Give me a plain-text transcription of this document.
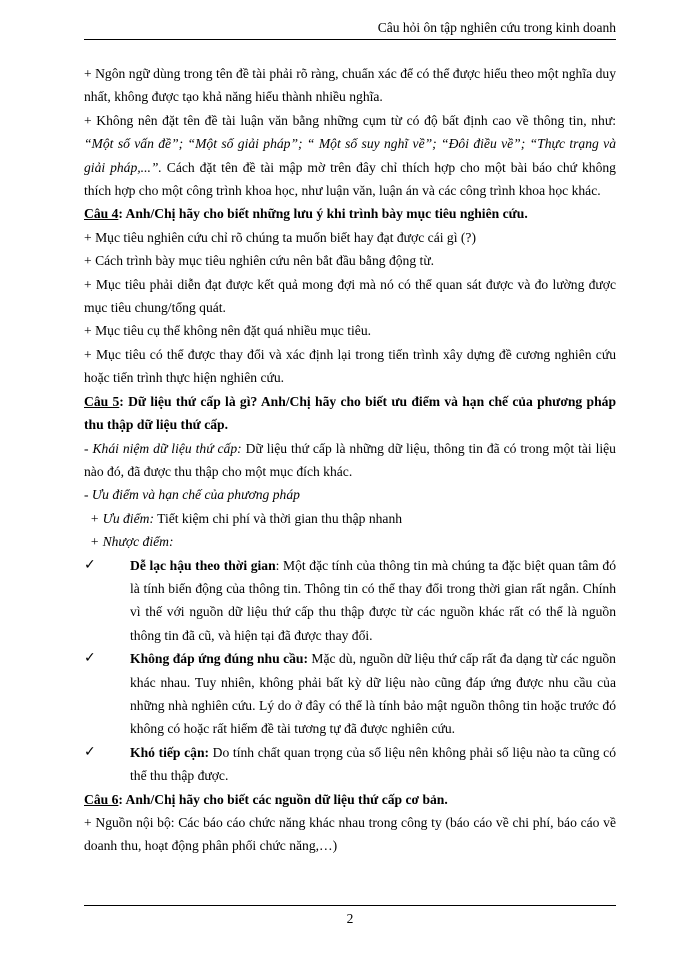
Câu hỏi ôn tập nghiên cứu trong kinh doanh

+ Ngôn ngữ dùng trong tên đề tài phải rõ ràng, chuẩn xác để có thể được hiểu theo một nghĩa duy nhất, không được tạo khả năng hiểu thành nhiều nghĩa.

+ Không nên đặt tên đề tài luận văn bằng những cụm từ có độ bất định cao về thông tin, như: “Một số vấn đề”; “Một số giải pháp”; “ Một số suy nghĩ về”; “Đôi điều về”; “Thực trạng và giải pháp,...”. Cách đặt tên đề tài mập mờ trên đây chỉ thích hợp cho một bài báo chứ không thích hợp cho một công trình khoa học, như luận văn, luận án và các công trình khoa học khác.

Câu 4: Anh/Chị hãy cho biết những lưu ý khi trình bày mục tiêu nghiên cứu.

+ Mục tiêu nghiên cứu chỉ rõ chúng ta muốn biết hay đạt được cái gì (?)

+ Cách trình bày mục tiêu nghiên cứu nên bắt đầu bằng động từ.

+ Mục tiêu phải diễn đạt được kết quả mong đợi mà nó có thể quan sát được và đo lường được mục tiêu chung/tổng quát.

+ Mục tiêu cụ thể không nên đặt quá nhiều mục tiêu.

+ Mục tiêu có thể được thay đổi và xác định lại trong tiến trình xây dựng đề cương nghiên cứu hoặc tiến trình thực hiện nghiên cứu.

Câu 5: Dữ liệu thứ cấp là gì? Anh/Chị hãy cho biết ưu điểm và hạn chế của phương pháp thu thập dữ liệu thứ cấp.

- Khái niệm dữ liệu thứ cấp: Dữ liệu thứ cấp là những dữ liệu, thông tin đã có trong một tài liệu nào đó, đã được thu thập cho một mục đích khác.

- Ưu điểm và hạn chế của phương pháp

+ Ưu điểm: Tiết kiệm chi phí và thời gian thu thập nhanh

+ Nhược điểm:

✓	Dễ lạc hậu theo thời gian: Một đặc tính của thông tin mà chúng ta đặc biệt quan tâm đó là tính biến động của thông tin. Thông tin có thể thay đổi trong thời gian rất ngắn. Chính vì thế với nguồn dữ liệu thứ cấp thu thập được từ các nguồn khác rất có thể là nguồn thông tin đã cũ, và hiện tại đã được thay đổi.

✓	Không đáp ứng đúng nhu cầu: Mặc dù, nguồn dữ liệu thứ cấp rất đa dạng từ các nguồn khác nhau. Tuy nhiên, không phải bất kỳ dữ liệu nào cũng đáp ứng được nhu cầu của những nhà nghiên cứu. Lý do ở đây có thể là tính bảo mật nguồn thông tin hoặc trước đó không có hoặc rất hiếm đề tài tương tự đã được nghiên cứu.

✓	Khó tiếp cận: Do tính chất quan trọng của số liệu nên không phải số liệu nào ta cũng có thể thu thập được.

Câu 6: Anh/Chị hãy cho biết các nguồn dữ liệu thứ cấp cơ bản.

+ Nguồn nội bộ: Các báo cáo chức năng khác nhau trong công ty (báo cáo về chi phí, báo cáo về doanh thu, hoạt động phân phối chức năng,…)

2
